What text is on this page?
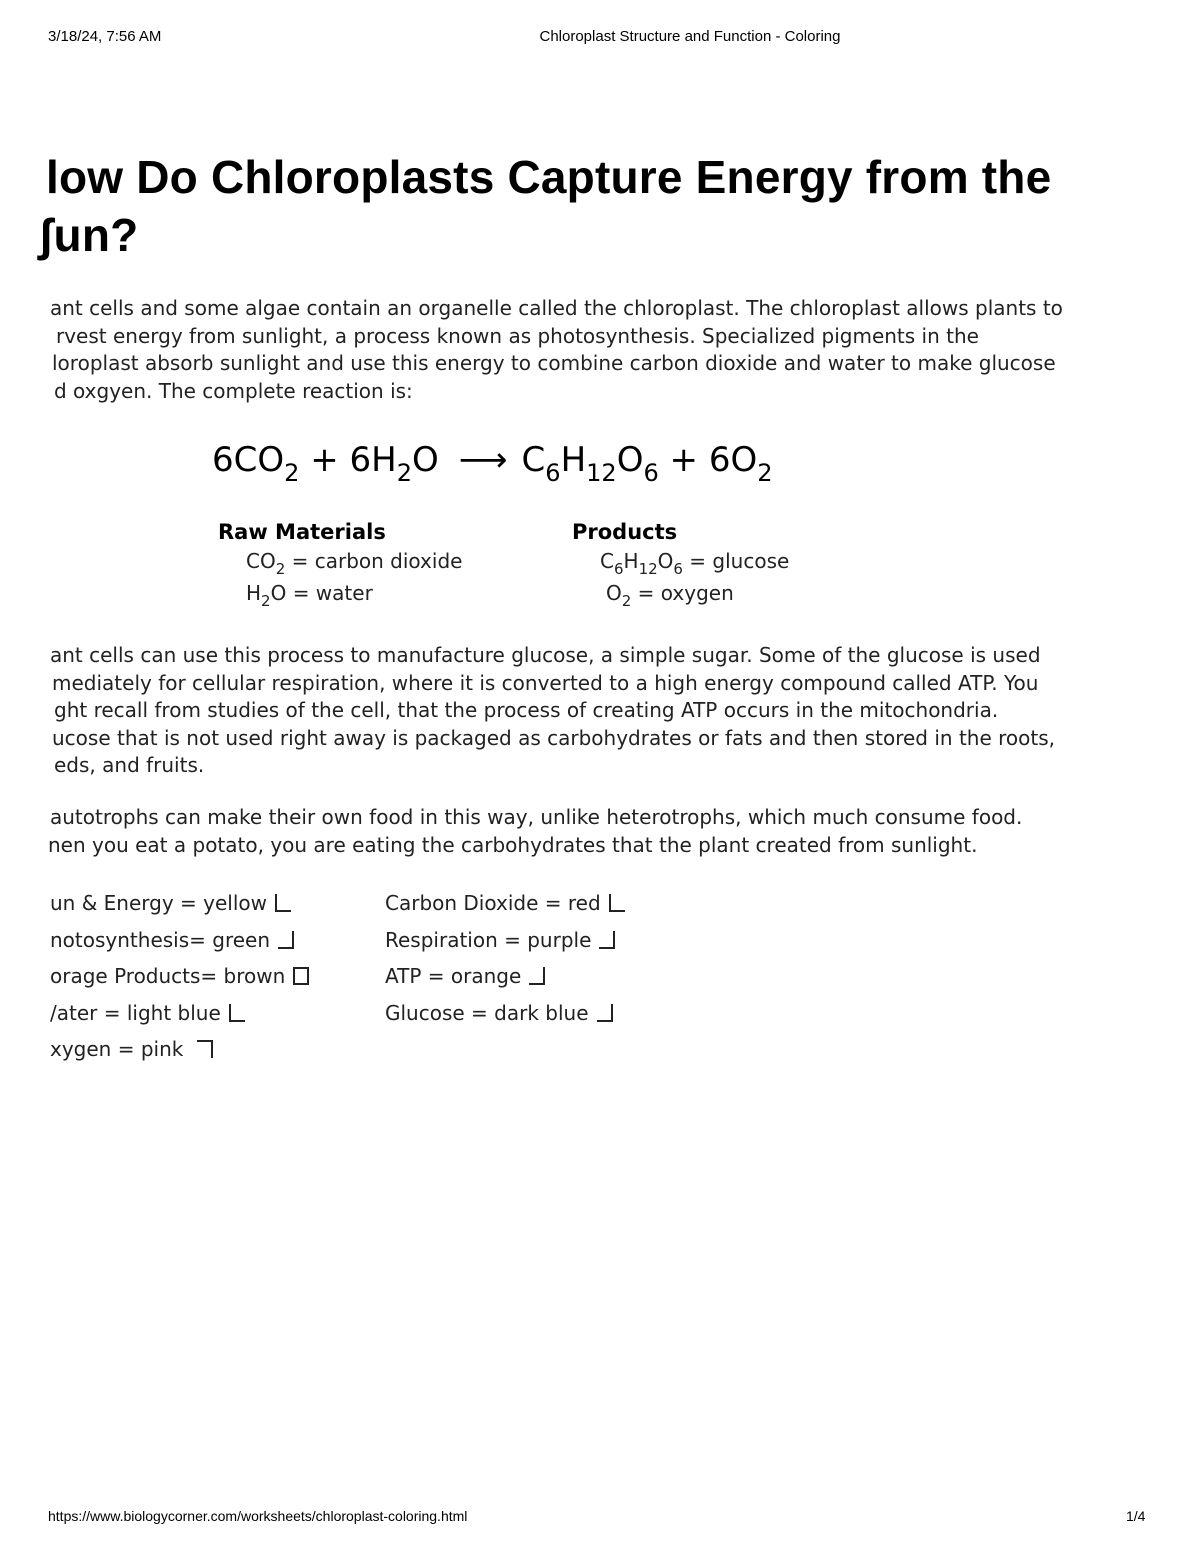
3/18/24, 7:56 AM	Chloroplast Structure and Function - Coloring
low Do Chloroplasts Capture Energy from the
ʃun?
ant cells and some algae contain an organelle called the chloroplast. The chloroplast allows plants to
rvest energy from sunlight, a process known as photosynthesis. Specialized pigments in the
loroplast absorb sunlight and use this energy to combine carbon dioxide and water to make glucose
d oxgyen. The complete reaction is:
$6CO_2 + 6H_2O$ ⟶ $C_6H_{12}O_6 + 6O_2$
Raw Materials
$CO_2$ = carbon dioxide
$H_2O$ = water
Products
$C_6H_{12}O_6 = glucose$
$O_2$ = oxygen
ant cells can use this process to manufacture glucose, a simple sugar. Some of the glucose is used
mediately for cellular respiration, where it is converted to a high energy compound called ATP. You
ght recall from studies of the cell, that the process of creating ATP occurs in the mitochondria.
ucose that is not used right away is packaged as carbohydrates or fats and then stored in the roots,
eds, and fruits.
autotrophs can make their own food in this way, unlike heterotrophs, which much consume food.
nen you eat a potato, you are eating the carbohydrates that the plant created from sunlight.
un & Energy = yellow
notosynthesis= green
orage Products= brown
/ater = light blue
xygen = pink
Carbon Dioxide = red
Respiration = purple
ATP = orange
Glucose = dark blue
https://www.biologycorner.com/worksheets/chloroplast-coloring.html	1/4
